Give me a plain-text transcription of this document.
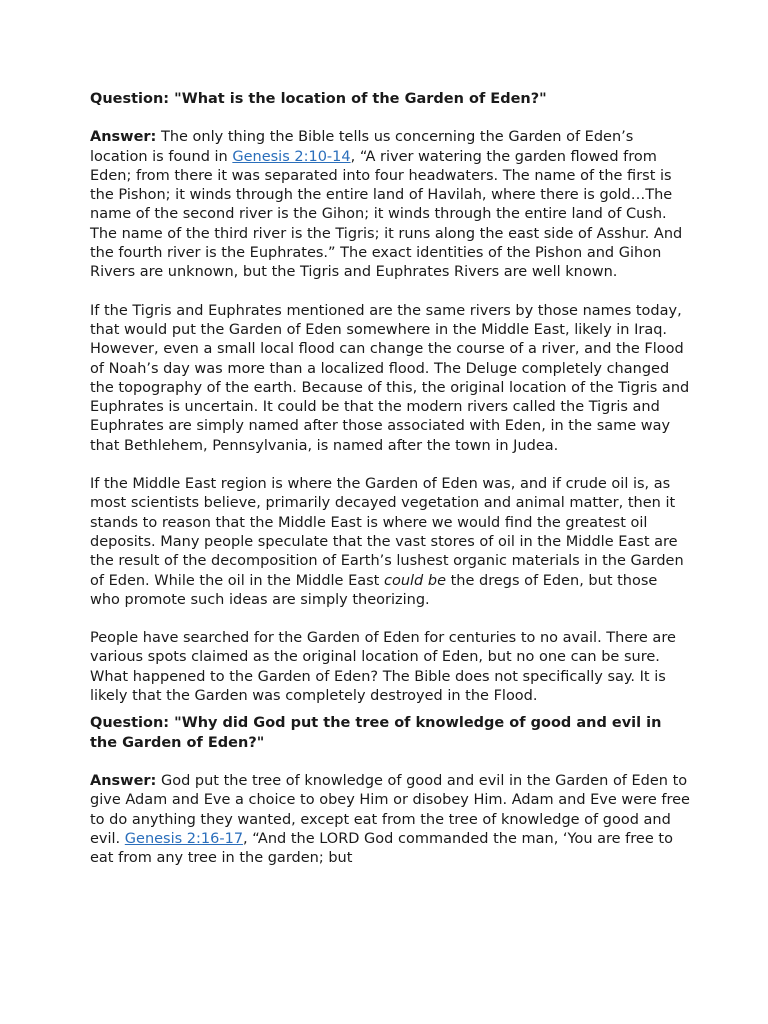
Question: "What is the location of the Garden of Eden?"
Answer: The only thing the Bible tells us concerning the Garden of Eden’s location is found in Genesis 2:10-14, “A river watering the garden flowed from Eden; from there it was separated into four headwaters. The name of the first is the Pishon; it winds through the entire land of Havilah, where there is gold…The name of the second river is the Gihon; it winds through the entire land of Cush. The name of the third river is the Tigris; it runs along the east side of Asshur. And the fourth river is the Euphrates.” The exact identities of the Pishon and Gihon Rivers are unknown, but the Tigris and Euphrates Rivers are well known.
If the Tigris and Euphrates mentioned are the same rivers by those names today, that would put the Garden of Eden somewhere in the Middle East, likely in Iraq. However, even a small local flood can change the course of a river, and the Flood of Noah’s day was more than a localized flood. The Deluge completely changed the topography of the earth. Because of this, the original location of the Tigris and Euphrates is uncertain. It could be that the modern rivers called the Tigris and Euphrates are simply named after those associated with Eden, in the same way that Bethlehem, Pennsylvania, is named after the town in Judea.
If the Middle East region is where the Garden of Eden was, and if crude oil is, as most scientists believe, primarily decayed vegetation and animal matter, then it stands to reason that the Middle East is where we would find the greatest oil deposits. Many people speculate that the vast stores of oil in the Middle East are the result of the decomposition of Earth’s lushest organic materials in the Garden of Eden. While the oil in the Middle East could be the dregs of Eden, but those who promote such ideas are simply theorizing.
People have searched for the Garden of Eden for centuries to no avail. There are various spots claimed as the original location of Eden, but no one can be sure. What happened to the Garden of Eden? The Bible does not specifically say. It is likely that the Garden was completely destroyed in the Flood.
Question: "Why did God put the tree of knowledge of good and evil in the Garden of Eden?"
Answer: God put the tree of knowledge of good and evil in the Garden of Eden to give Adam and Eve a choice to obey Him or disobey Him. Adam and Eve were free to do anything they wanted, except eat from the tree of knowledge of good and evil. Genesis 2:16-17, “And the LORD God commanded the man, ‘You are free to eat from any tree in the garden; but
